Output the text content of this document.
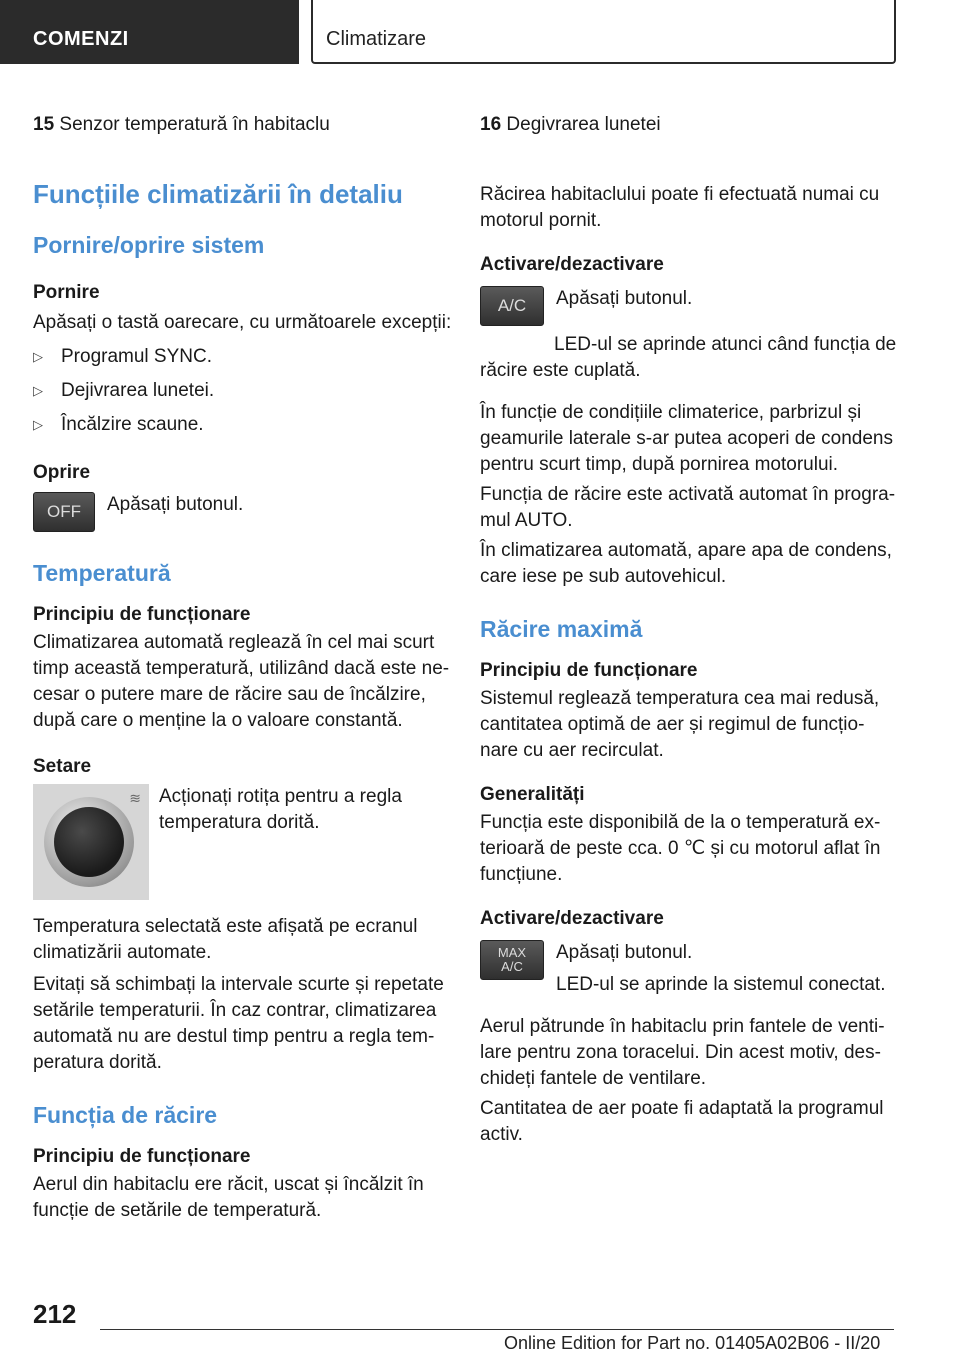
COMENZI	Climatizare
15 Senzor temperatură în habitaclu
Funcțiile climatizării în detaliu
Pornire/oprire sistem
Pornire

Apăsați o tastă oarecare, cu următoarele excepții:

▷ Programul SYNC.
▷ Dejivrarea lunetei.
▷ Încălzire scaune.
Oprire
OFF	Apăsați butonul.

Temperatură
Principiu de funcționare

Climatizarea automată reglează în cel mai scurt timp această temperatură, utilizând dacă este ne-cesar o putere mare de răcire sau de încălzire, după care o menține la o valoare constantă.

Setare
≋ Acționați rotița pentru a regla temperatura dorită.

Temperatura selectată este afișată pe ecranul climatizării automate.

Evitați să schimbați la intervale scurte și repetate setările temperaturii. În caz contrar, climatizarea automată nu are destul timp pentru a regla tem-peratura dorită.

Funcția de răcire
Principiu de funcționare

Aerul din habitaclu ere răcit, uscat și încălzit în funcție de setările de temperatură.

16 Degivrarea lunetei

Răcirea habitaclului poate fi efectuată numai cu motorul pornit.

Activare/dezactivare
A/C	Apăsați butonul.

LED-ul se aprinde atunci când funcția de răcire este cuplată.

În funcție de condițiile climaterice, parbrizul și geamurile laterale s-ar putea acoperi de condens pentru scurt timp, după pornirea motorului.

Funcția de răcire este activată automat în progra-mul AUTO.

În climatizarea automată, apare apa de condens, care iese pe sub autovehicul.

Răcire maximă
Principiu de funcționare

Sistemul reglează temperatura cea mai redusă, cantitatea optimă de aer și regimul de funcțio-nare cu aer recirculat.

Generalități

Funcția este disponibilă de la o temperatură ex-terioară de peste cca. 0 ℃ și cu motorul aflat în funcțiune.

Activare/dezactivare
MAX
A/C

Apăsați butonul.

LED-ul se aprinde la sistemul conectat.

Aerul pătrunde în habitaclu prin fantele de venti-lare pentru zona toracelui. Din acest motiv, des-chideți fantele de ventilare.

Cantitatea de aer poate fi adaptată la programul activ.

212
Online Edition for Part no. 01405A02B06 - II/20
